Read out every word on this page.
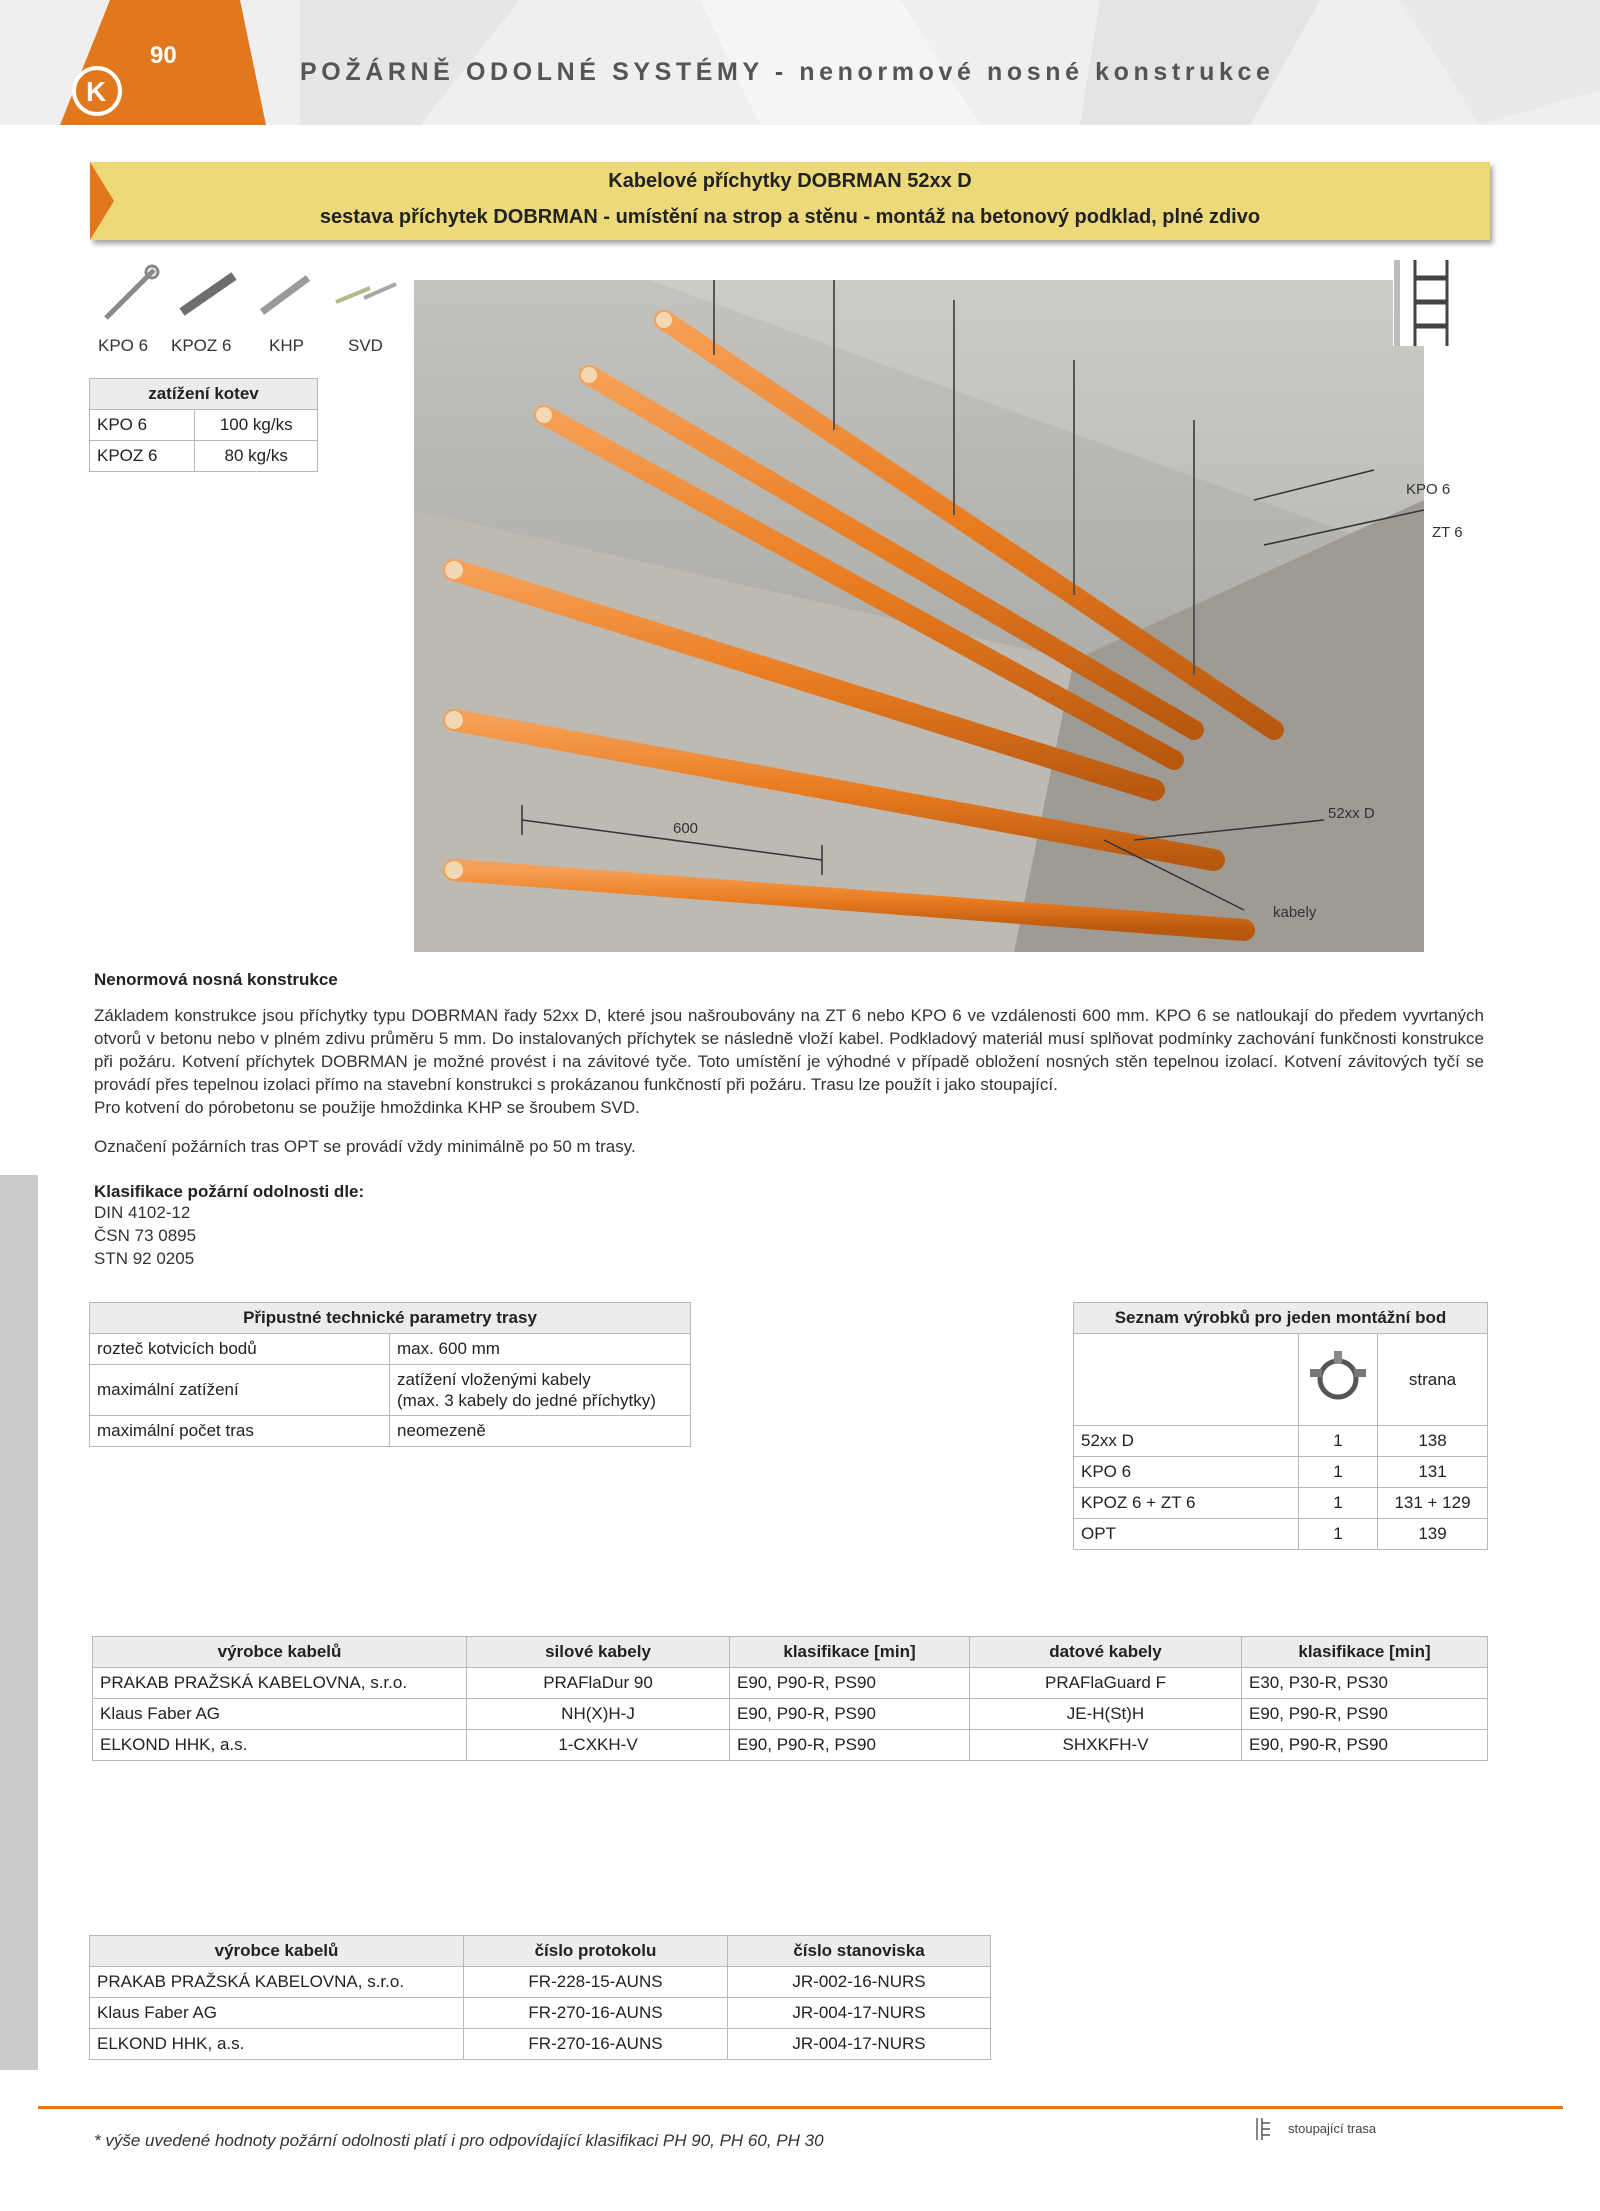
90
K
POŽÁRNĚ ODOLNÉ SYSTÉMY - nenormové nosné konstrukce
Kabelové příchytky DOBRMAN 52xx D
sestava příchytek DOBRMAN - umístění na strop a stěnu - montáž na betonový podklad, plné zdivo
KPO 6 KPOZ 6 KHP	SVD
zatížení kotev	
KPO 6	100 kg/ks
KPOZ 6	80 kg/ks
KPO 6
ZT 6
52xx D
kabely
600
Nenormová nosná konstrukce
Základem konstrukce jsou příchytky typu DOBRMAN řady 52xx D, které jsou našroubovány na ZT 6 nebo KPO 6 ve vzdálenosti 600 mm. KPO 6 se natloukají do předem vyvrtaných otvorů v betonu nebo v plném zdivu průměru 5 mm. Do instalovaných příchytek se následně vloží kabel. Podkladový materiál musí splňovat podmínky zachování funkčnosti konstrukce při požáru. Kotvení příchytek DOBRMAN je možné provést i na závitové tyče. Toto umístění je výhodné v případě obložení nosných stěn tepelnou izolací. Kotvení závitových tyčí se provádí přes tepelnou izolaci přímo na stavební konstrukci s prokázanou funkčností při požáru. Trasu lze použít i jako stoupající.
Pro kotvení do pórobetonu se použije hmoždinka KHP se šroubem SVD.
Označení požárních tras OPT se provádí vždy minimálně po 50 m trasy.
Klasifikace požární odolnosti dle:
DIN 4102-12
ČSN 73 0895
STN 92 0205
Připustné technické parametry trasy	
rozteč kotvicích bodů	max. 600 mm
maximální zatížení	zatížení vloženými kabely
(max. 3 kabely do jedné příchytky)

maximální počet tras	neomezeně
Seznam výrobků pro jeden montážní bod		
		strana
52xx D	1	138
KPO 6	1	131
KPOZ 6 + ZT 6	1	131 + 129
OPT	1	139
výrobce kabelů	silové kabely	klasifikace [min]	datové kabely	klasifikace [min]
PRAKAB PRAŽSKÁ KABELOVNA, s.r.o.	PRAFlaDur 90	E90, P90-R, PS90	PRAFlaGuard F	E30, P30-R, PS30
Klaus Faber AG	NH(X)H-J	E90, P90-R, PS90	JE-H(St)H	E90, P90-R, PS90
ELKOND HHK, a.s.	1-CXKH-V	E90, P90-R, PS90	SHXKFH-V	E90, P90-R, PS90
výrobce kabelů	číslo protokolu	číslo stanoviska
PRAKAB PRAŽSKÁ KABELOVNA, s.r.o.	FR-228-15-AUNS	JR-002-16-NURS
Klaus Faber AG	FR-270-16-AUNS	JR-004-17-NURS
ELKOND HHK, a.s.	FR-270-16-AUNS	JR-004-17-NURS
stoupající trasa
* výše uvedené hodnoty požární odolnosti platí i pro odpovídající klasifikaci PH 90, PH 60, PH 30
